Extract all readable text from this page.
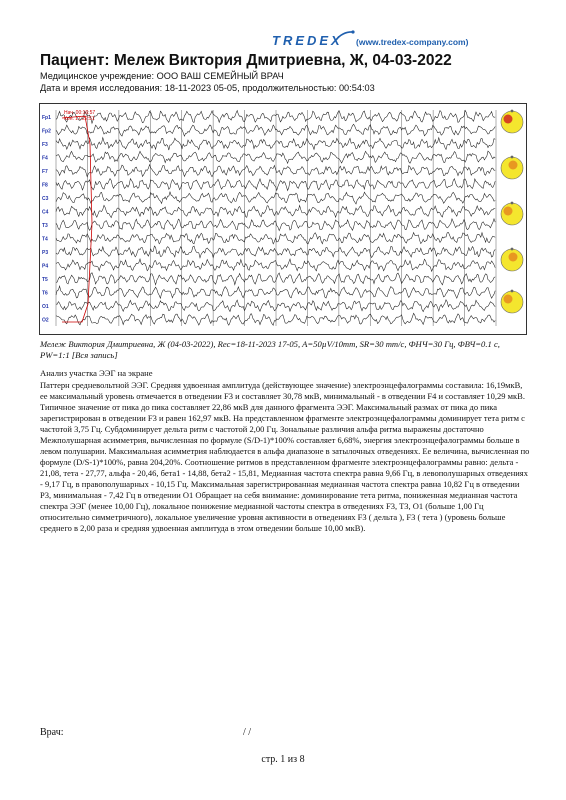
TREDEX (www.tredex-company.com)
Пациент: Мележ Виктория Дмитриевна, Ж, 04-03-2022
Медицинское учреждение: ООО ВАШ СЕМЕЙНЫЙ ВРАЧ
Дата и время исследования: 18-11-2023 05-05, продолжительностью: 00:54:03
Fp1
Fp2
F3
F4
F7
F8
C3
C4
T3
T4
P3
P4
T5
T6
O1
O2
Нач. 00:16:57
Кон. 17:22:51
Мележ Виктория Дмитриевна, Ж (04-03-2022), Rec=18-11-2023 17-05, A=50µV/10mm, SR=30 mm/c, ФНЧ=30 Гц, ФВЧ=0.1 с, PW=1:1 [Вся запись]
Анализ участка ЭЭГ на экране
Паттерн средневольтной ЭЭГ. Средняя удвоенная амплитуда (действующее значение) электроэнцефалограммы составила: 16,19мкВ, ее максимальный уровень отмечается в отведении F3 и составляет 30,78 мкВ, минимальный - в отведении F4 и составляет 10,29 мкВ. Типичное значение от пика до пика составляет 22,86 мкВ для данного фрагмента ЭЭГ. Максимальный размах от пика до пика зарегистрирован в отведении F3 и равен 162,97 мкВ. На представленном фрагменте электроэнцефалограммы доминирует тета ритм с частотой 3,75 Гц. Субдоминирует дельта ритм с частотой 2,00 Гц. Зональные различия альфа ритма выражены достаточно Межполушарная асимметрия, вычисленная по формуле (S/D-1)*100% составляет 6,68%, энергия электроэнцефалограммы больше в левом полушарии. Максимальная асимметрия наблюдается в альфа диапазоне в затылочных отведениях. Ее величина, вычисленная по формуле (D/S-1)*100%, равна 204,20%. Соотношение ритмов в представленном фрагменте электроэнцефалограммы равно: дельта - 21,08, тета - 27,77, альфа - 20,46, бета1 - 14,88, бета2 - 15,81, Медианная частота спектра равна 9,66 Гц, в левополушарных отведениях - 9,17 Гц, в правополушарных - 10,15 Гц. Максимальная зарегистрированная медианная частота спектра равна 10,82 Гц в отведении P3, минимальная - 7,42 Гц в отведении O1 Обращает на себя внимание: доминирование тета ритма, пониженная медианная частота спектра ЭЭГ (менее 10,00 Гц), локальное понижение медианной частоты спектра в отведениях F3, T3, O1 (больше 1,00 Гц относительно симметричного), локальное увеличение уровня активности в отведениях F3 ( дельта ), F3 ( тета ) (уровень больше среднего в 2,00 раза и средняя удвоенная амплитуда в этом отведении больше 10,00 мкВ).
Врач:	/ /
стр. 1 из 8
